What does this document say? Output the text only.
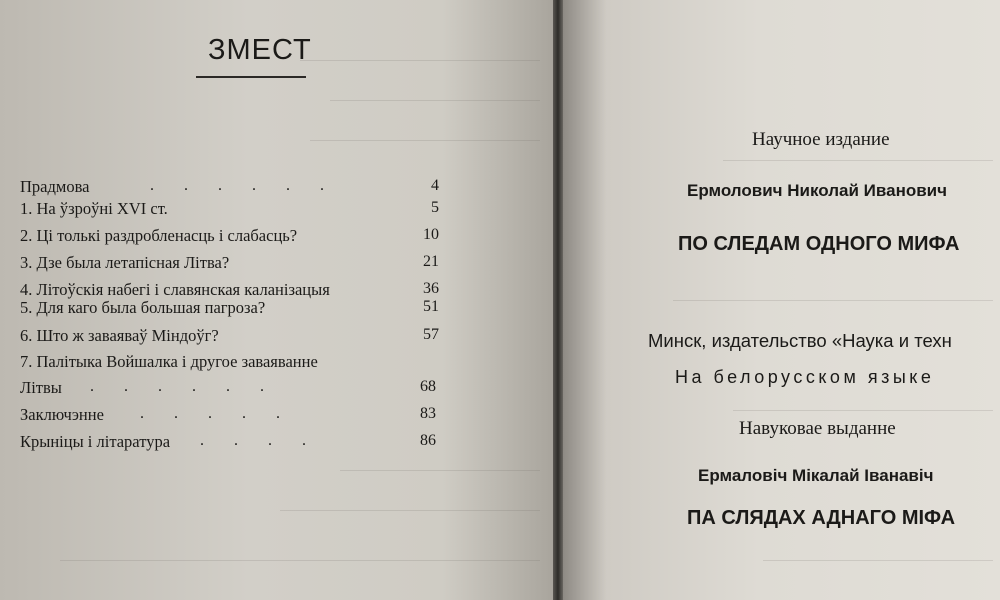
ЗМЕСТ
Прадмова	. . . . . .	4
1. На ўзроўні XVI ст.	5
2. Ці толькі раздробленасць і слабасць?	10
3. Дзе была летапісная Літва?	21
4. Літоўскія набегі і славянская каланізацыя	36
5. Для каго была большая пагроза?	51
6. Што ж заваяваў Міндоўг?	57
7. Палітыка Войшалка і другое заваяванне
Літвы . . . . . .	68
Заключэнне . . . . .	83
Крыніцы і літаратура . . . .	86
Научное издание
Ермолович Николай Иванович
ПО СЛЕДАМ ОДНОГО МИФА
Минск, издательство «Наука и техн
На белорусском языке
Навуковае выданне
Ермаловіч Мікалай Іванавіч
ПА СЛЯДАХ АДНАГО МІФА
